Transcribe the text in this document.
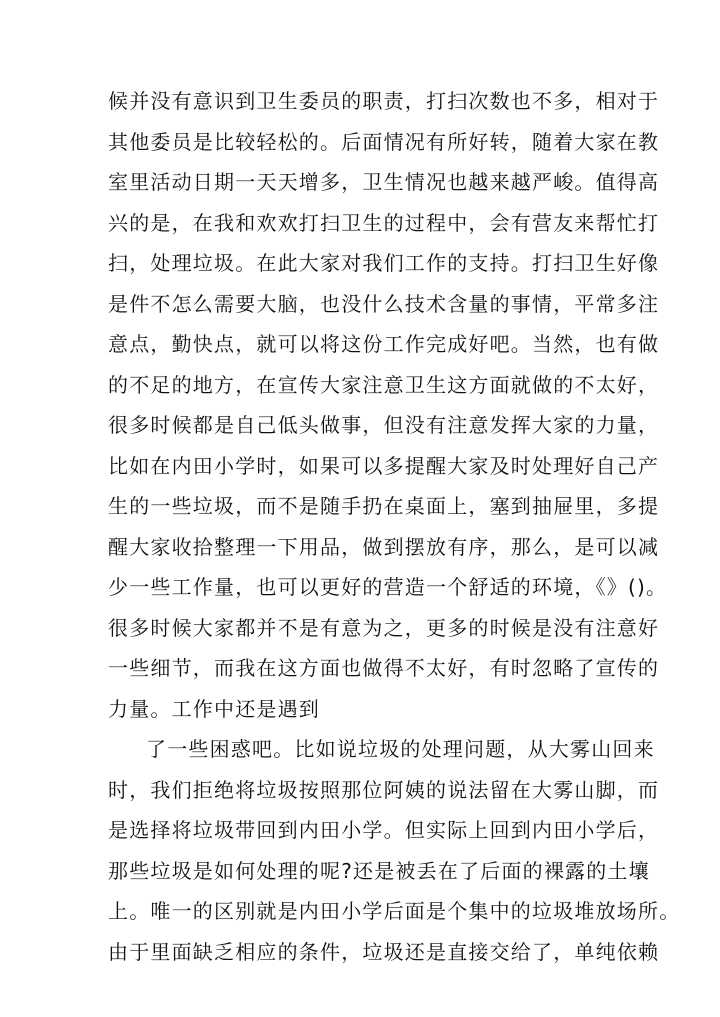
候并没有意识到卫生委员的职责，打扫次数也不多，相对于
其他委员是比较轻松的。后面情况有所好转，随着大家在教
室里活动日期一天天增多，卫生情况也越来越严峻。值得高
兴的是，在我和欢欢打扫卫生的过程中，会有营友来帮忙打
扫，处理垃圾。在此大家对我们工作的支持。打扫卫生好像
是件不怎么需要大脑，也没什么技术含量的事情，平常多注
意点，勤快点，就可以将这份工作完成好吧。当然，也有做
的不足的地方，在宣传大家注意卫生这方面就做的不太好，
很多时候都是自己低头做事，但没有注意发挥大家的力量，
比如在内田小学时，如果可以多提醒大家及时处理好自己产
生的一些垃圾，而不是随手扔在桌面上，塞到抽屉里，多提
醒大家收拾整理一下用品，做到摆放有序，那么，是可以减
少一些工作量，也可以更好的营造一个舒适的环境，《》()。
很多时候大家都并不是有意为之，更多的时候是没有注意好
一些细节，而我在这方面也做得不太好，有时忽略了宣传的
力量。工作中还是遇到
了一些困惑吧。比如说垃圾的处理问题，从大雾山回来
时，我们拒绝将垃圾按照那位阿姨的说法留在大雾山脚，而
是选择将垃圾带回到内田小学。但实际上回到内田小学后，
那些垃圾是如何处理的呢?还是被丢在了后面的裸露的土壤
上。唯一的区别就是内田小学后面是个集中的垃圾堆放场所。
由于里面缺乏相应的条件，垃圾还是直接交给了，单纯依赖
